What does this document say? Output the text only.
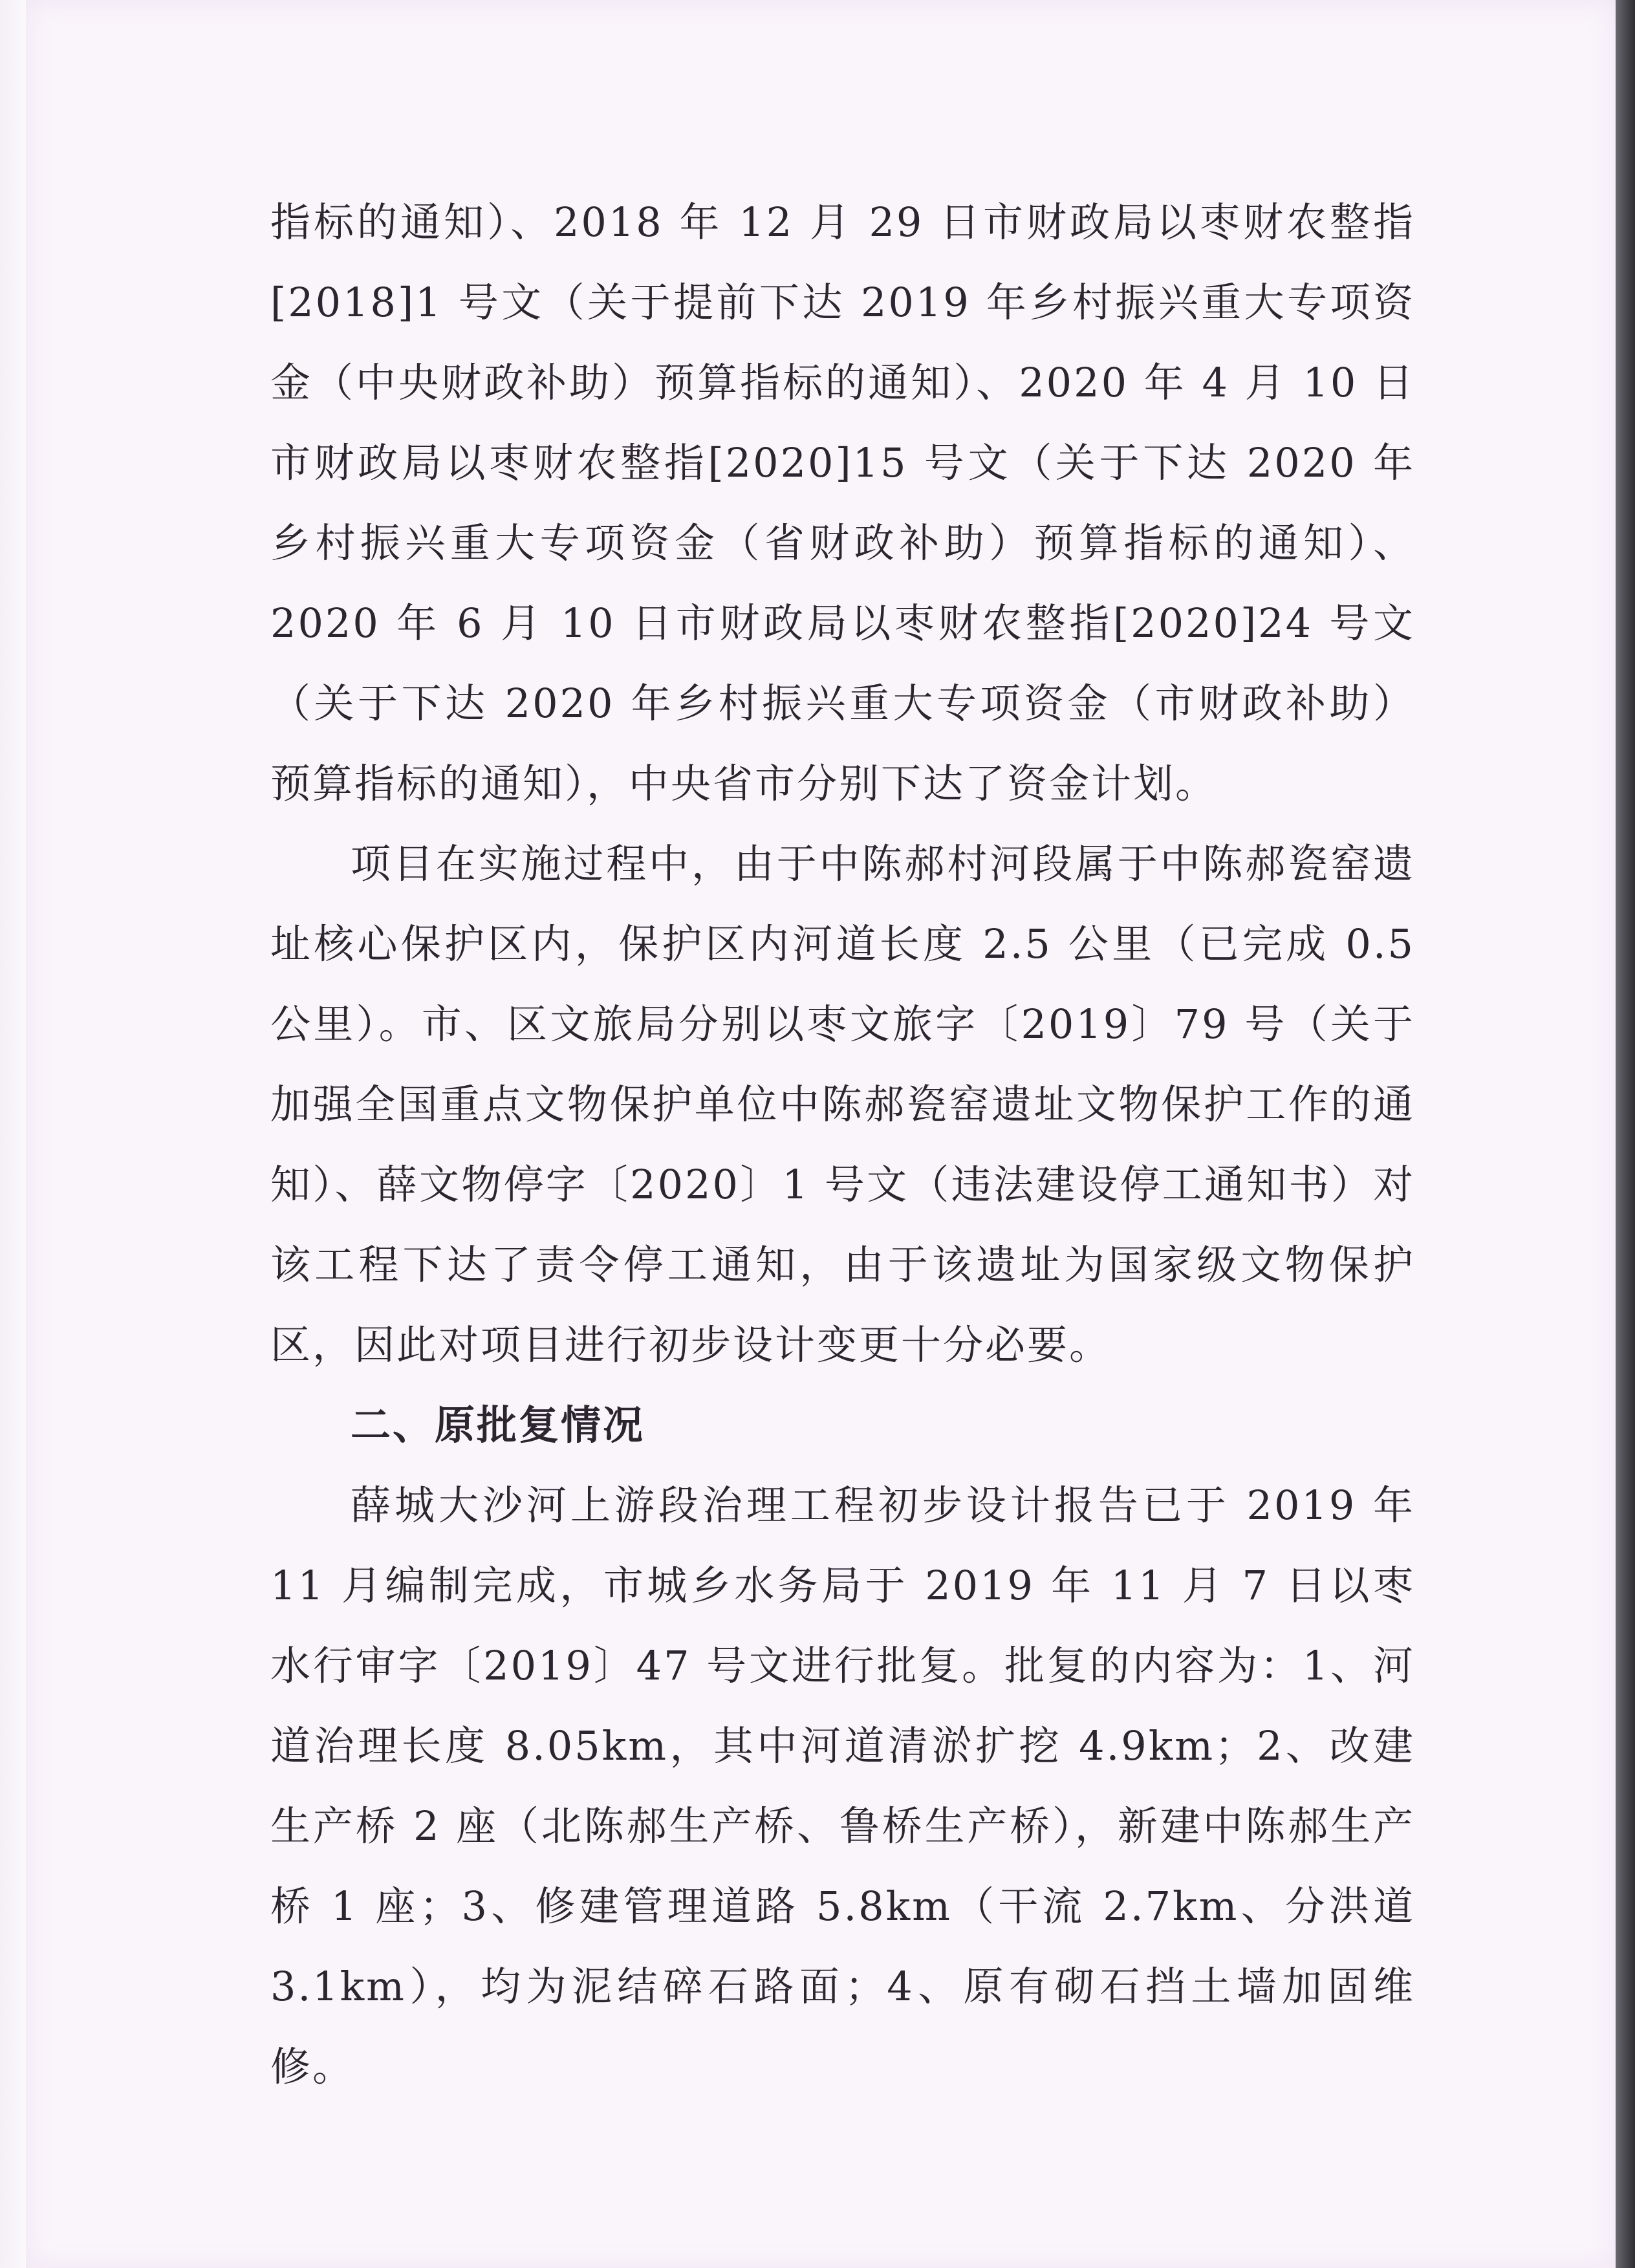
指标的通知）、2018 年 12 月 29 日市财政局以枣财农整指[2018]1 号文（关于提前下达 2019 年乡村振兴重大专项资金（中央财政补助）预算指标的通知）、2020 年 4 月 10 日市财政局以枣财农整指[2020]15 号文（关于下达 2020 年乡村振兴重大专项资金（省财政补助）预算指标的通知）、2020 年 6 月 10 日市财政局以枣财农整指[2020]24 号文（关于下达 2020 年乡村振兴重大专项资金（市财政补助）预算指标的通知），中央省市分别下达了资金计划。

项目在实施过程中，由于中陈郝村河段属于中陈郝瓷窑遗址核心保护区内，保护区内河道长度 2.5 公里（已完成 0.5 公里）。市、区文旅局分别以枣文旅字〔2019〕79 号（关于加强全国重点文物保护单位中陈郝瓷窑遗址文物保护工作的通知）、薛文物停字〔2020〕1 号文（违法建设停工通知书）对该工程下达了责令停工通知，由于该遗址为国家级文物保护区，因此对项目进行初步设计变更十分必要。

二、原批复情况

薛城大沙河上游段治理工程初步设计报告已于 2019 年 11 月编制完成，市城乡水务局于 2019 年 11 月 7 日以枣水行审字〔2019〕47 号文进行批复。批复的内容为：1、河道治理长度 8.05km，其中河道清淤扩挖 4.9km；2、改建生产桥 2 座（北陈郝生产桥、鲁桥生产桥），新建中陈郝生产桥 1 座；3、修建管理道路 5.8km（干流 2.7km、分洪道 3.1km），均为泥结碎石路面；4、原有砌石挡土墙加固维修。
